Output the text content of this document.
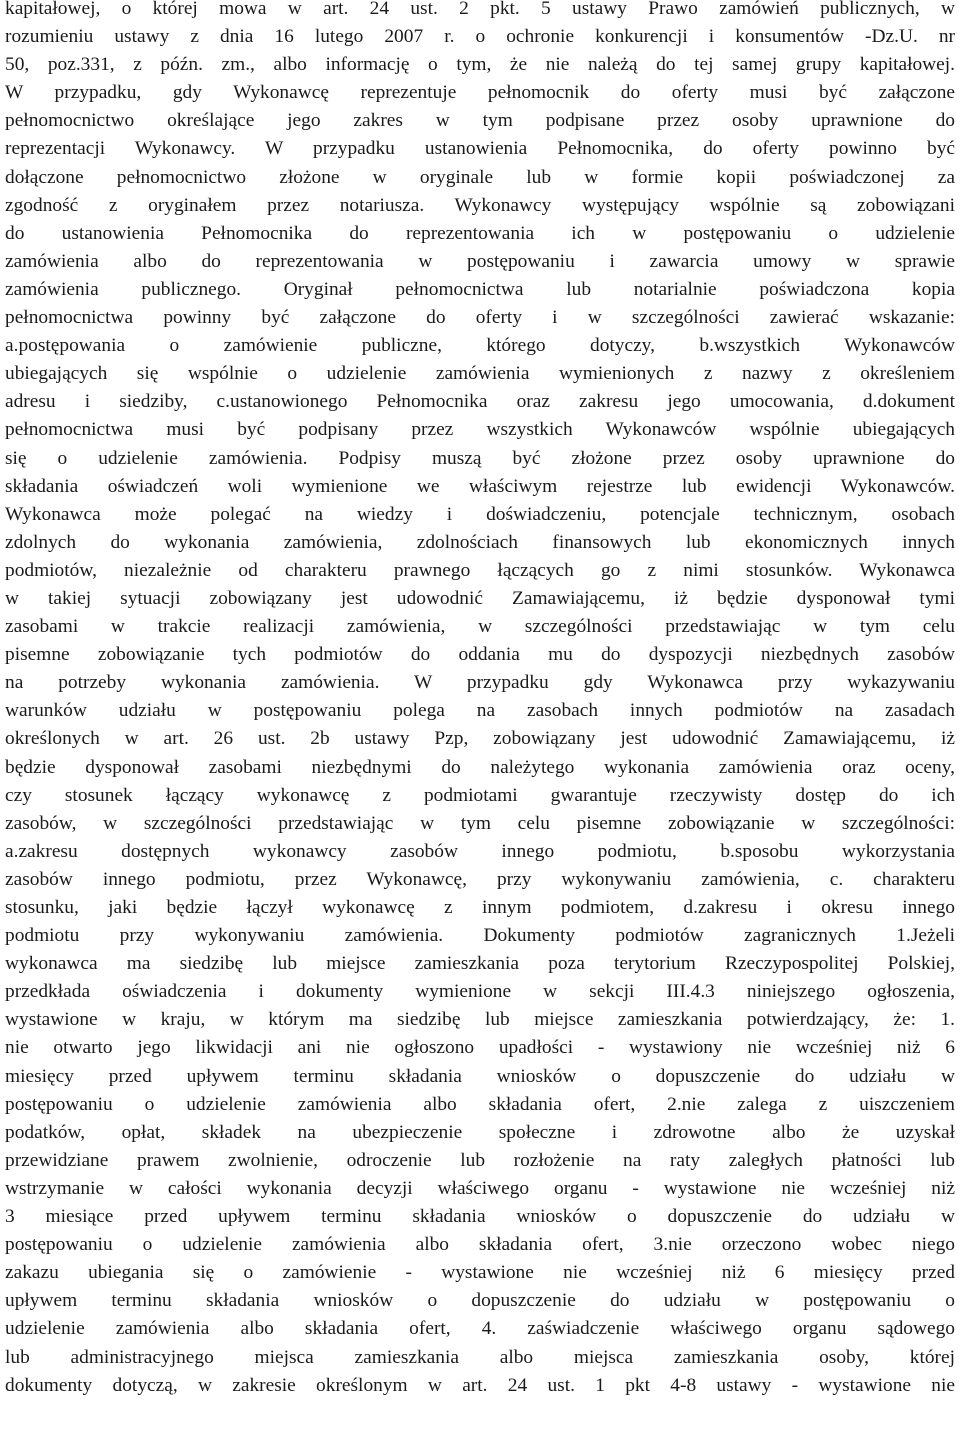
kapitałowej, o której mowa w art. 24 ust. 2 pkt. 5 ustawy Prawo zamówień publicznych, w
rozumieniu ustawy z dnia 16 lutego 2007 r. o ochronie konkurencji i konsumentów -Dz.U. nr
50, poz.331, z późn. zm., albo informację o tym, że nie należą do tej samej grupy kapitałowej.
W przypadku, gdy Wykonawcę reprezentuje pełnomocnik do oferty musi być załączone
pełnomocnictwo określające jego zakres w tym podpisane przez osoby uprawnione do
reprezentacji Wykonawcy. W przypadku ustanowienia Pełnomocnika, do oferty powinno być
dołączone pełnomocnictwo złożone w oryginale lub w formie kopii poświadczonej za
zgodność z oryginałem przez notariusza. Wykonawcy występujący wspólnie są zobowiązani
do ustanowienia Pełnomocnika do reprezentowania ich w postępowaniu o udzielenie
zamówienia albo do reprezentowania w postępowaniu i zawarcia umowy w sprawie
zamówienia publicznego. Oryginał pełnomocnictwa lub notarialnie poświadczona kopia
pełnomocnictwa powinny być załączone do oferty i w szczególności zawierać wskazanie:
a.postępowania o zamówienie publiczne, którego dotyczy, b.wszystkich Wykonawców
ubiegających się wspólnie o udzielenie zamówienia wymienionych z nazwy z określeniem
adresu i siedziby, c.ustanowionego Pełnomocnika oraz zakresu jego umocowania, d.dokument
pełnomocnictwa musi być podpisany przez wszystkich Wykonawców wspólnie ubiegających
się o udzielenie zamówienia. Podpisy muszą być złożone przez osoby uprawnione do
składania oświadczeń woli wymienione we właściwym rejestrze lub ewidencji Wykonawców.
Wykonawca może polegać na wiedzy i doświadczeniu, potencjale technicznym, osobach
zdolnych do wykonania zamówienia, zdolnościach finansowych lub ekonomicznych innych
podmiotów, niezależnie od charakteru prawnego łączących go z nimi stosunków. Wykonawca
w takiej sytuacji zobowiązany jest udowodnić Zamawiającemu, iż będzie dysponował tymi
zasobami w trakcie realizacji zamówienia, w szczególności przedstawiając w tym celu
pisemne zobowiązanie tych podmiotów do oddania mu do dyspozycji niezbędnych zasobów
na potrzeby wykonania zamówienia. W przypadku gdy Wykonawca przy wykazywaniu
warunków udziału w postępowaniu polega na zasobach innych podmiotów na zasadach
określonych w art. 26 ust. 2b ustawy Pzp, zobowiązany jest udowodnić Zamawiającemu, iż
będzie dysponował zasobami niezbędnymi do należytego wykonania zamówienia oraz oceny,
czy stosunek łączący wykonawcę z podmiotami gwarantuje rzeczywisty dostęp do ich
zasobów, w szczególności przedstawiając w tym celu pisemne zobowiązanie w szczególności:
a.zakresu dostępnych wykonawcy zasobów innego podmiotu, b.sposobu wykorzystania
zasobów innego podmiotu, przez Wykonawcę, przy wykonywaniu zamówienia, c. charakteru
stosunku, jaki będzie łączył wykonawcę z innym podmiotem, d.zakresu i okresu innego
podmiotu przy wykonywaniu zamówienia. Dokumenty podmiotów zagranicznych 1.Jeżeli
wykonawca ma siedzibę lub miejsce zamieszkania poza terytorium Rzeczypospolitej Polskiej,
przedkłada oświadczenia i dokumenty wymienione w sekcji III.4.3 niniejszego ogłoszenia,
wystawione w kraju, w którym ma siedzibę lub miejsce zamieszkania potwierdzający, że: 1.
nie otwarto jego likwidacji ani nie ogłoszono upadłości - wystawiony nie wcześniej niż 6
miesięcy przed upływem terminu składania wniosków o dopuszczenie do udziału w
postępowaniu o udzielenie zamówienia albo składania ofert, 2.nie zalega z uiszczeniem
podatków, opłat, składek na ubezpieczenie społeczne i zdrowotne albo że uzyskał
przewidziane prawem zwolnienie, odroczenie lub rozłożenie na raty zaległych płatności lub
wstrzymanie w całości wykonania decyzji właściwego organu - wystawione nie wcześniej niż
3 miesiące przed upływem terminu składania wniosków o dopuszczenie do udziału w
postępowaniu o udzielenie zamówienia albo składania ofert, 3.nie orzeczono wobec niego
zakazu ubiegania się o zamówienie - wystawione nie wcześniej niż 6 miesięcy przed
upływem terminu składania wniosków o dopuszczenie do udziału w postępowaniu o
udzielenie zamówienia albo składania ofert, 4. zaświadczenie właściwego organu sądowego
lub administracyjnego miejsca zamieszkania albo miejsca zamieszkania osoby, której
dokumenty dotyczą, w zakresie określonym w art. 24 ust. 1 pkt 4-8 ustawy - wystawione nie
